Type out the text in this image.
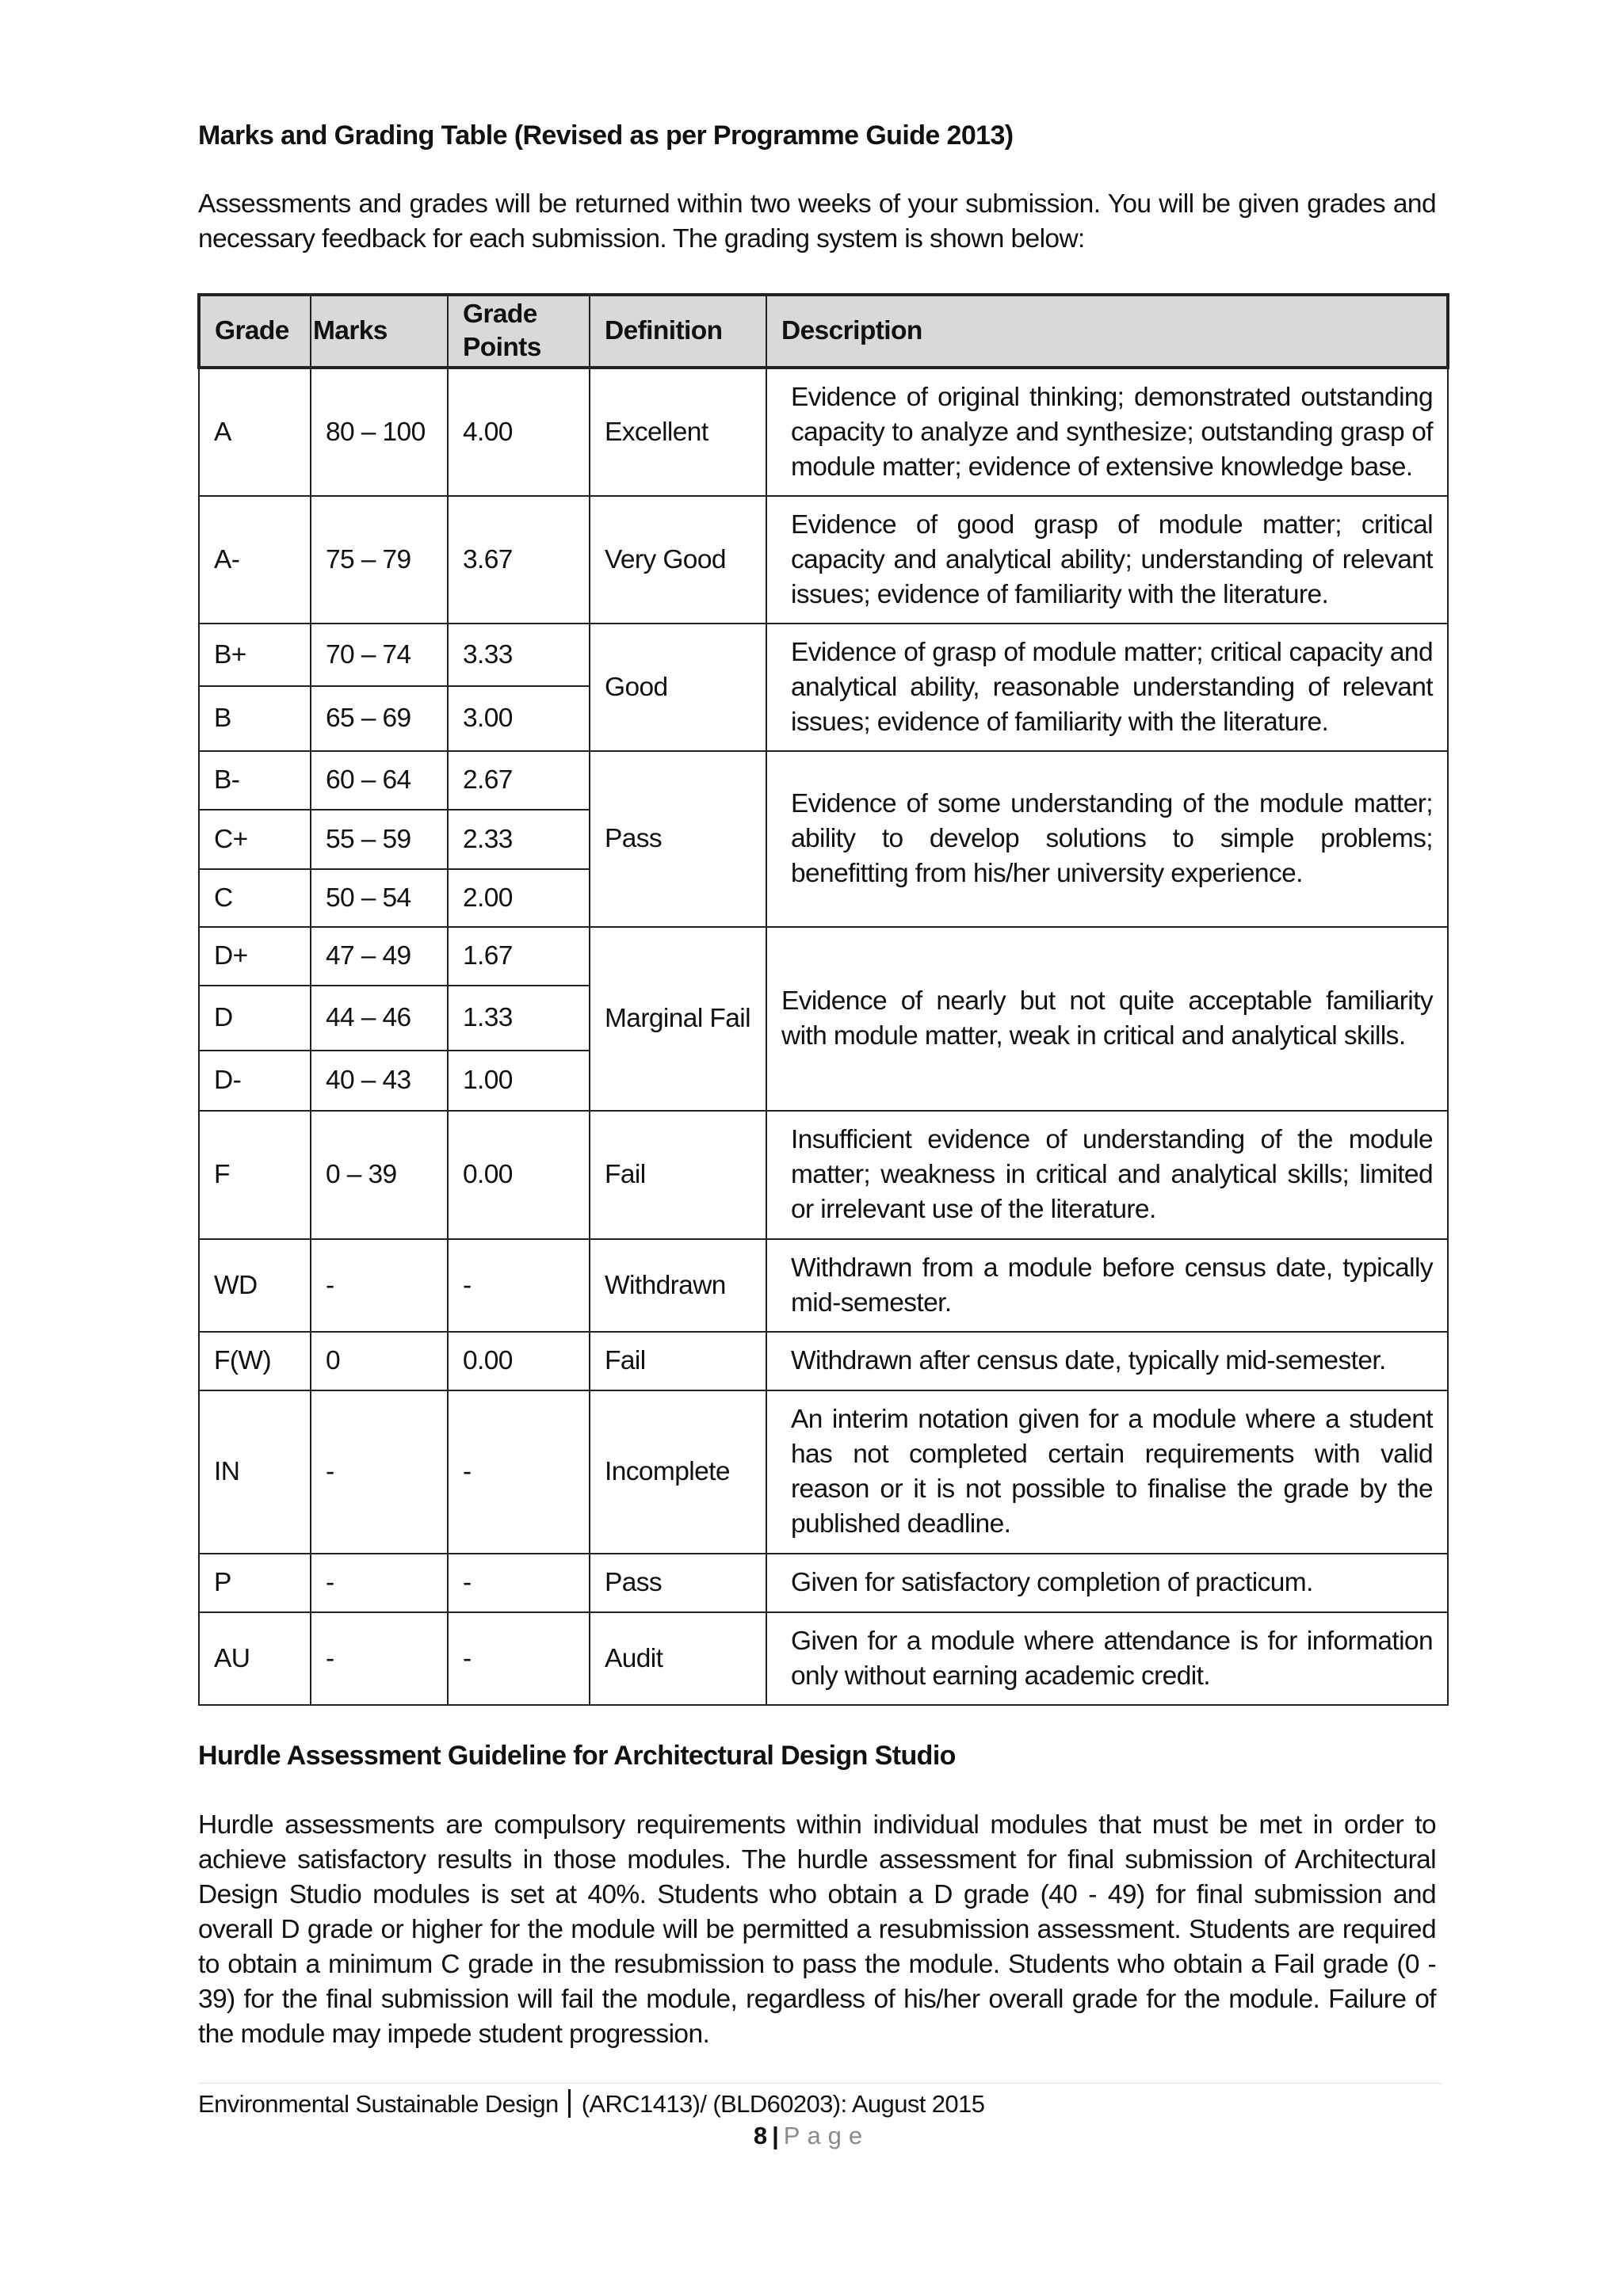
Marks and Grading Table (Revised as per Programme Guide 2013)

Assessments and grades will be returned within two weeks of your submission. You will be given grades and necessary feedback for each submission. The grading system is shown below:

Grade	Marks	Grade Points	Definition	Description
A	80 – 100	4.00	Excellent	Evidence of original thinking; demonstrated outstanding capacity to analyze and synthesize; outstanding grasp of module matter; evidence of extensive knowledge base.
A-	75 – 79	3.67	Very Good	Evidence of good grasp of module matter; critical capacity and analytical ability; understanding of relevant issues; evidence of familiarity with the literature.
B+	70 – 74	3.33	Good	Evidence of grasp of module matter; critical capacity and analytical ability, reasonable understanding of relevant issues; evidence of familiarity with the literature.
B	65 – 69	3.00		
B-	60 – 64	2.67	Pass	Evidence of some understanding of the module matter; ability to develop solutions to simple problems; benefitting from his/her university experience.
C+	55 – 59	2.33		
C	50 – 54	2.00		
D+	47 – 49	1.67	Marginal Fail	Evidence of nearly but not quite acceptable familiarity with module matter, weak in critical and analytical skills.
D	44 – 46	1.33		
D-	40 – 43	1.00		
F	0 – 39	0.00	Fail	Insufficient evidence of understanding of the module matter; weakness in critical and analytical skills; limited or irrelevant use of the literature.
WD	-	-	Withdrawn	Withdrawn from a module before census date, typically mid-semester.
F(W)	0	0.00	Fail	Withdrawn after census date, typically mid-semester.
IN	-	-	Incomplete	An interim notation given for a module where a student has not completed certain requirements with valid reason or it is not possible to finalise the grade by the published deadline.
P	-	-	Pass	Given for satisfactory completion of practicum.
AU	-	-	Audit	Given for a module where attendance is for information only without earning academic credit.
Hurdle Assessment Guideline for Architectural Design Studio

Hurdle assessments are compulsory requirements within individual modules that must be met in order to achieve satisfactory results in those modules. The hurdle assessment for final submission of Architectural Design Studio modules is set at 40%. Students who obtain a D grade (40 - 49) for final submission and overall D grade or higher for the module will be permitted a resubmission assessment. Students are required to obtain a minimum C grade in the resubmission to pass the module. Students who obtain a Fail grade (0 - 39) for the final submission will fail the module, regardless of his/her overall grade for the module. Failure of the module may impede student progression.

Environmental Sustainable Design (ARC1413)/ (BLD60203): August 2015
8 | Page
